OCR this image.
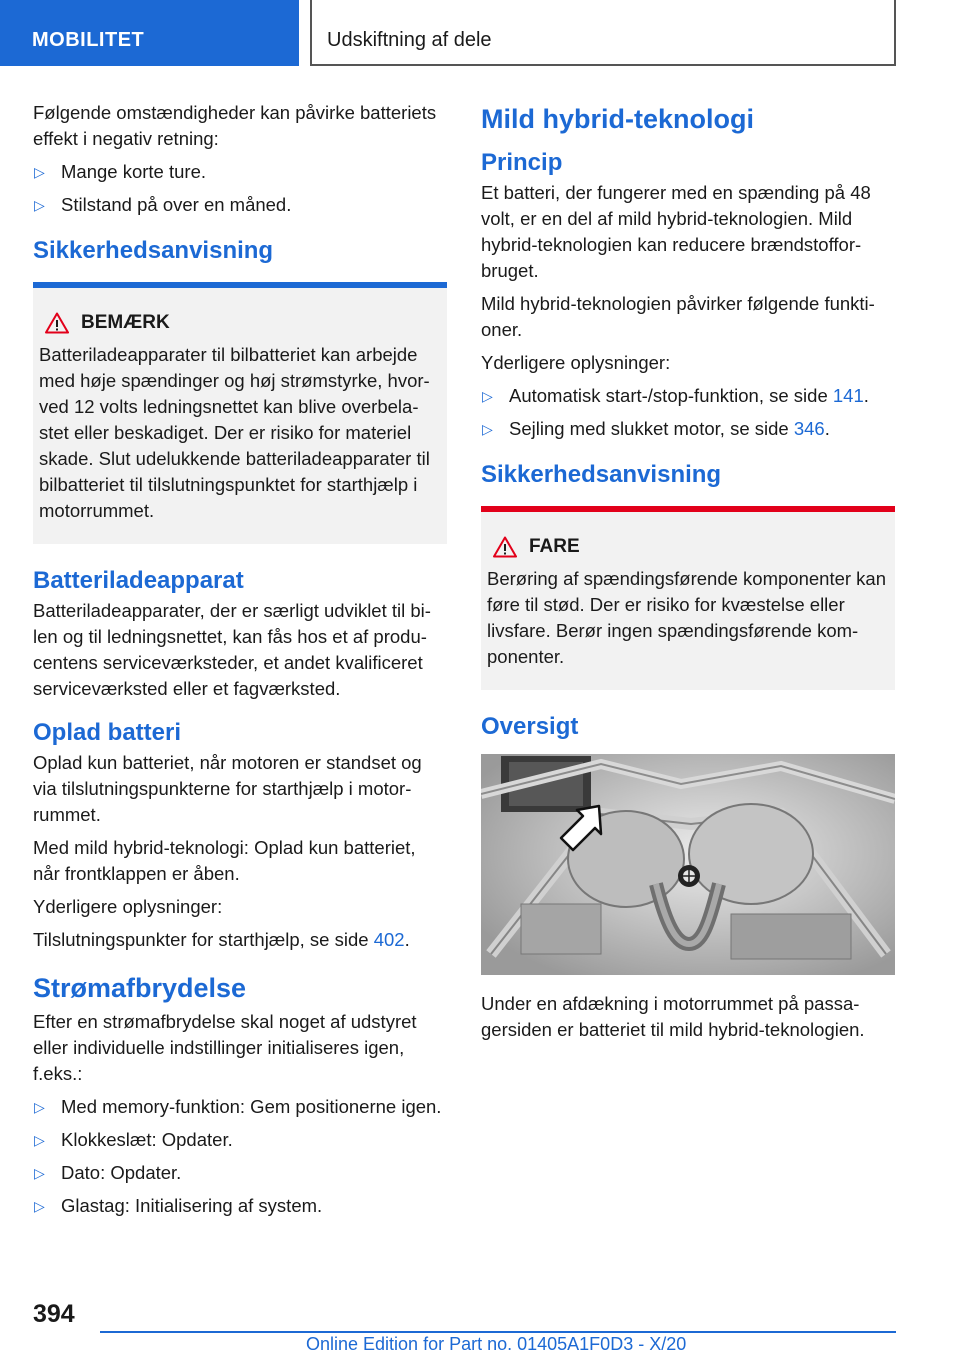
MOBILITET	Udskiftning af dele

Følgende omstændigheder kan påvirke batteriets effekt i negativ retning:

▷ Mange korte ture.
▷ Stilstand på over en måned.
Sikkerhedsanvisning
BEMÆRK

Batteriladeapparater til bilbatteriet kan arbejde med høje spændinger og høj strømstyrke, hvorved 12 volts ledningsnettet kan blive overbelastet eller beskadiget. Der er risiko for materiel skade. Slut udelukkende batteriladeapparater til bilbatteriet til tilslutningspunktet for starthjælp i motorrummet.

Batteriladeapparat

Batteriladeapparater, der er særligt udviklet til bilen og til ledningsnettet, kan fås hos et af producentens serviceværksteder, et andet kvalificeret serviceværksted eller et fagværksted.

Oplad batteri

Oplad kun batteriet, når motoren er standset og via tilslutningspunkterne for starthjælp i motorrummet.

Med mild hybrid-teknologi: Oplad kun batteriet, når frontklappen er åben.

Yderligere oplysninger:

Tilslutningspunkter for starthjælp, se side 402.

Strømafbrydelse

Efter en strømafbrydelse skal noget af udstyret eller individuelle indstillinger initialiseres igen, f.eks.:

▷ Med memory-funktion: Gem positionerne igen.
▷ Klokkeslæt: Opdater.
▷ Dato: Opdater.
▷ Glastag: Initialisering af system.
Mild hybrid-teknologi
Princip

Et batteri, der fungerer med en spænding på 48 volt, er en del af mild hybrid-teknologien. Mild hybrid-teknologien kan reducere brændstofforbruget.

Mild hybrid-teknologien påvirker følgende funktioner.

Yderligere oplysninger:

▷ Automatisk start-/stop-funktion, se side 141.
▷ Sejling med slukket motor, se side 346.
Sikkerhedsanvisning
FARE

Berøring af spændingsførende komponenter kan føre til stød. Der er risiko for kvæstelse eller livsfare. Berør ingen spændingsførende komponenter.

Oversigt

Under en afdækning i motorrummet på passagersiden er batteriet til mild hybrid-teknologien.

394
Online Edition for Part no. 01405A1F0D3 - X/20
